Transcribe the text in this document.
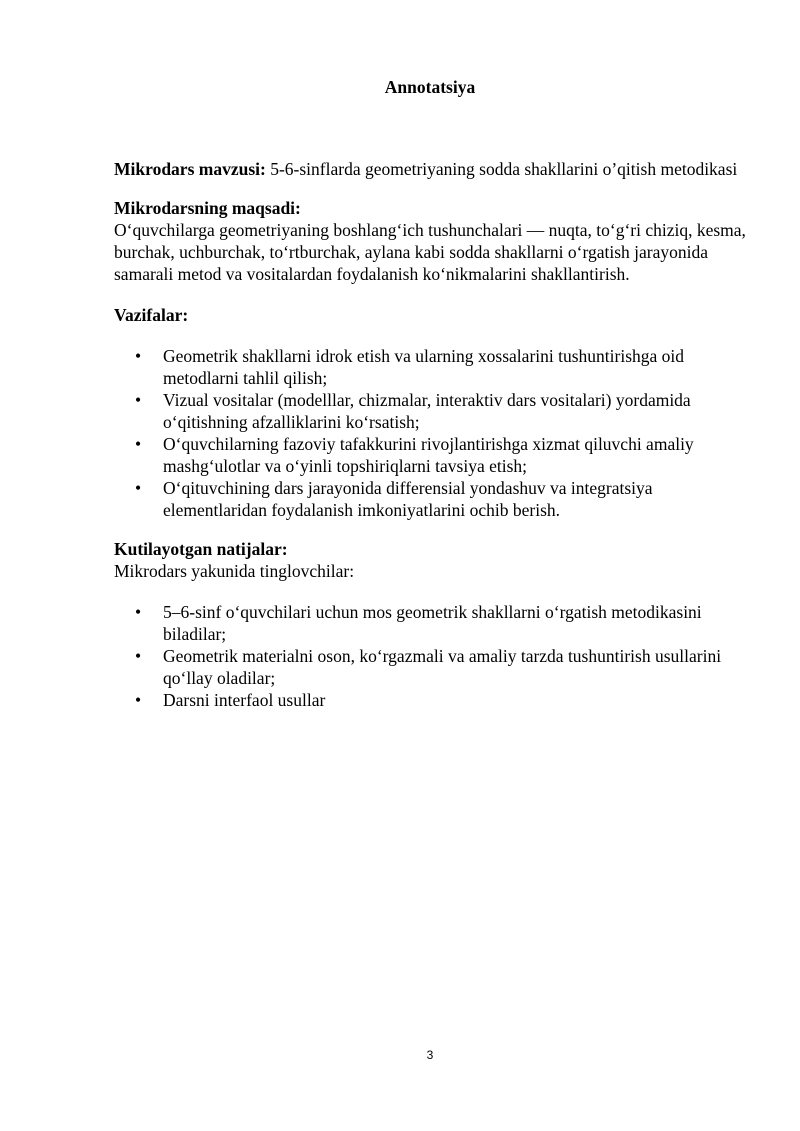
Annotatsiya

Mikrodars mavzusi: 5-6-sinflarda geometriyaning sodda shakllarini o’qitish metodikasi

Mikrodarsning maqsadi:

O‘quvchilarga geometriyaning boshlang‘ich tushunchalari — nuqta, to‘g‘ri chiziq, kesma, burchak, uchburchak, to‘rtburchak, aylana kabi sodda shakllarni o‘rgatish jarayonida samarali metod va vositalardan foydalanish ko‘nikmalarini shakllantirish.

Vazifalar:

• Geometrik shakllarni idrok etish va ularning xossalarini tushuntirishga oid metodlarni tahlil qilish;
• Vizual vositalar (modelllar, chizmalar, interaktiv dars vositalari) yordamida o‘qitishning afzalliklarini ko‘rsatish;
• O‘quvchilarning fazoviy tafakkurini rivojlantirishga xizmat qiluvchi amaliy mashg‘ulotlar va o‘yinli topshiriqlarni tavsiya etish;
• O‘qituvchining dars jarayonida differensial yondashuv va integratsiya elementlaridan foydalanish imkoniyatlarini ochib berish.

Kutilayotgan natijalar:

Mikrodars yakunida tinglovchilar:

• 5–6-sinf o‘quvchilari uchun mos geometrik shakllarni o‘rgatish metodikasini biladilar;
• Geometrik materialni oson, ko‘rgazmali va amaliy tarzda tushuntirish usullarini qo‘llay oladilar;
• Darsni interfaol usullar
3
